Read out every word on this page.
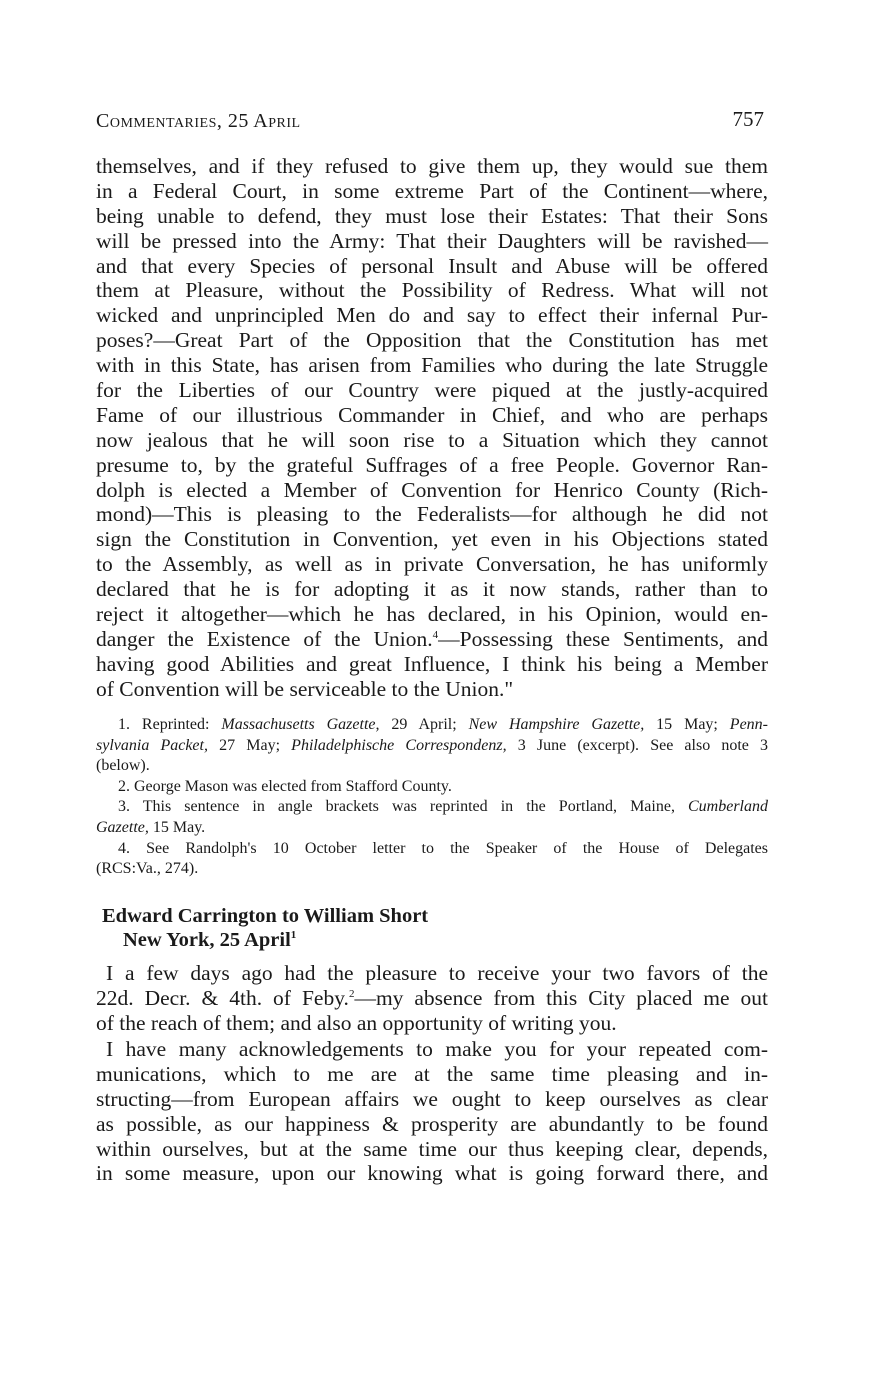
Commentaries, 25 April	757
themselves, and if they refused to give them up, they would sue them
in a Federal Court, in some extreme Part of the Continent—where,
being unable to defend, they must lose their Estates: That their Sons
will be pressed into the Army: That their Daughters will be ravished—
and that every Species of personal Insult and Abuse will be offered
them at Pleasure, without the Possibility of Redress. What will not
wicked and unprincipled Men do and say to effect their infernal Pur-
poses?—Great Part of the Opposition that the Constitution has met
with in this State, has arisen from Families who during the late Struggle
for the Liberties of our Country were piqued at the justly-acquired
Fame of our illustrious Commander in Chief, and who are perhaps
now jealous that he will soon rise to a Situation which they cannot
presume to, by the grateful Suffrages of a free People. Governor Ran-
dolph is elected a Member of Convention for Henrico County (Rich-
mond)—This is pleasing to the Federalists—for although he did not
sign the Constitution in Convention, yet even in his Objections stated
to the Assembly, as well as in private Conversation, he has uniformly
declared that he is for adopting it as it now stands, rather than to
reject it altogether—which he has declared, in his Opinion, would en-
danger the Existence of the Union.$^4$—Possessing these Sentiments, and
having good Abilities and great Influence, I think his being a Member
of Convention will be serviceable to the Union."
1. Reprinted: Massachusetts Gazette, 29 April; New Hampshire Gazette, 15 May; Penn-
sylvania Packet, 27 May; Philadelphische Correspondenz, 3 June (excerpt). See also note 3
(below).
2. George Mason was elected from Stafford County.
3. This sentence in angle brackets was reprinted in the Portland, Maine, Cumberland
Gazette, 15 May.
4. See Randolph's 10 October letter to the Speaker of the House of Delegates
(RCS:Va., 274).
Edward Carrington to William Short
New York, 25 April$^1$
I a few days ago had the pleasure to receive your two favors of the
22d. Decr. & 4th. of Feby.$^2$—my absence from this City placed me out
of the reach of them; and also an opportunity of writing you.
I have many acknowledgements to make you for your repeated com-
munications, which to me are at the same time pleasing and in-
structing—from European affairs we ought to keep ourselves as clear
as possible, as our happiness & prosperity are abundantly to be found
within ourselves, but at the same time our thus keeping clear, depends,
in some measure, upon our knowing what is going forward there, and
